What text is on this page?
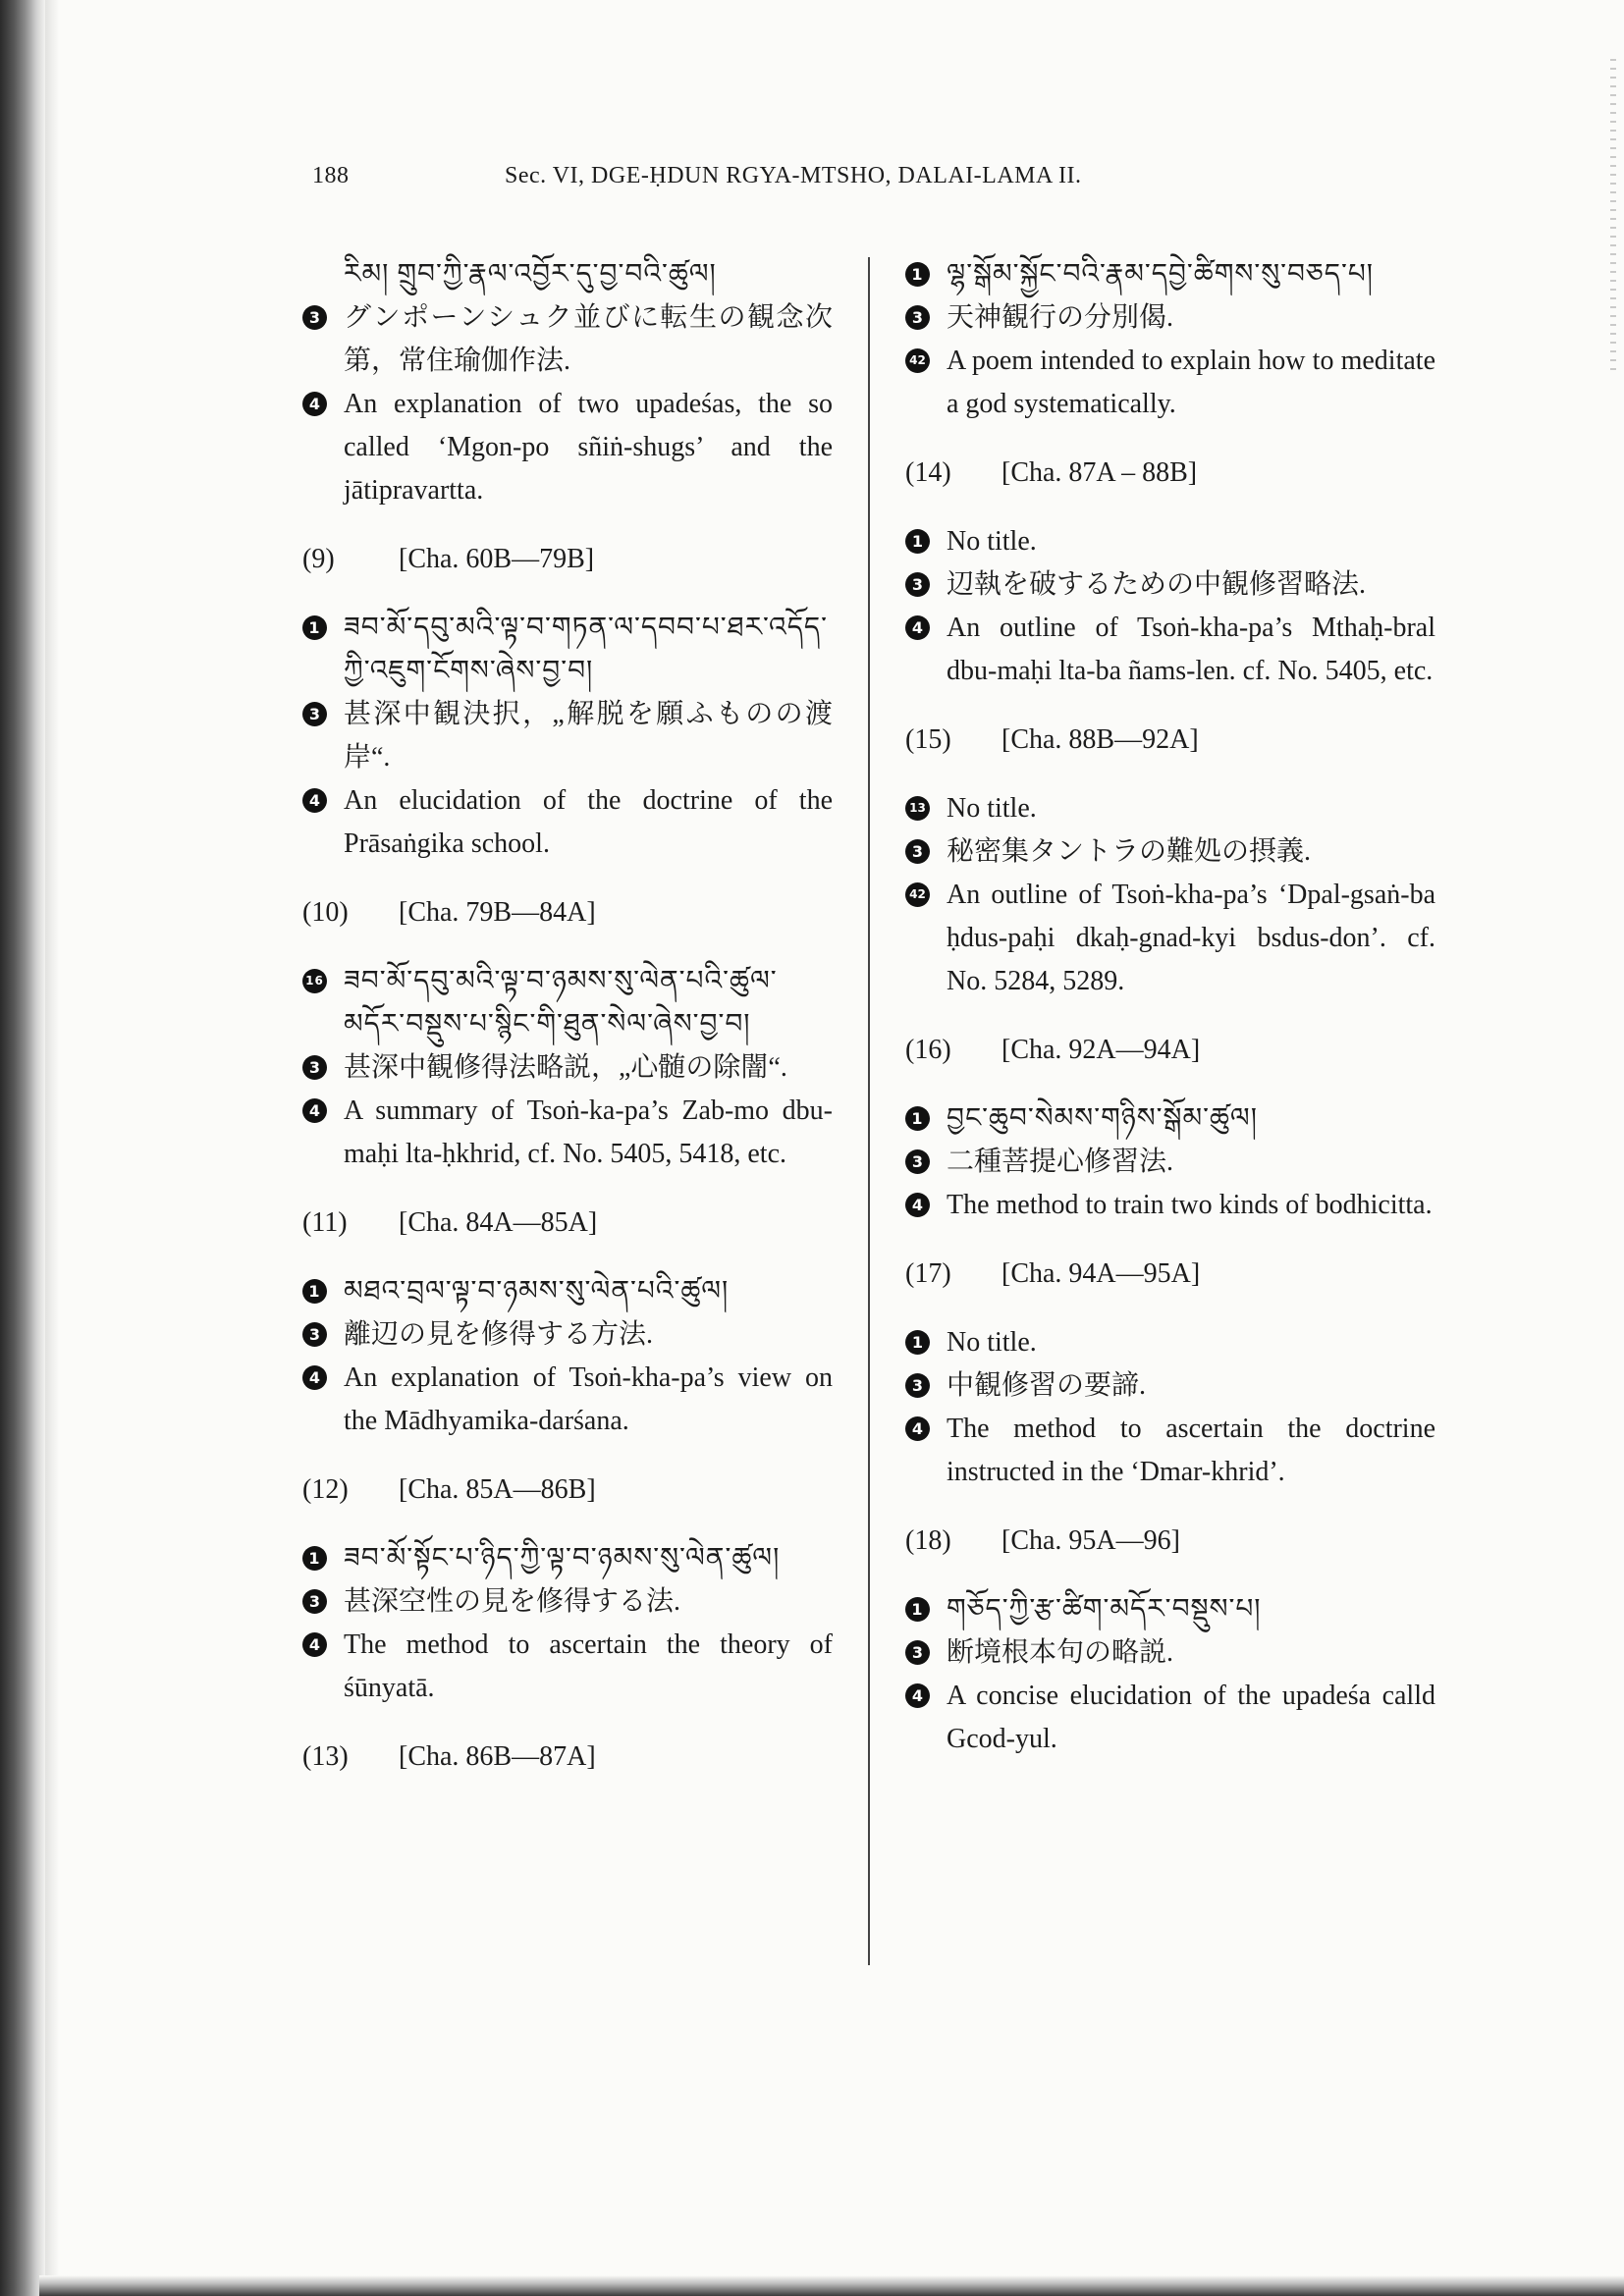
188	Sec. VI, DGE-ḤDUN RGYA-MTSHO, DALAI-LAMA II.
རིམ། གྲུབ་ཀྱི་རྣལ་འབྱོར་དུ་བྱ་བའི་ཚུལ།
3 グンポーンシュク並びに転生の観念次第，常住瑜伽作法.
4 An explanation of two upadeśas, the so called ‘Mgon-po sñiṅ-shugs’ and the jātipravartta.
(9) [Cha. 60B—79B]
1 ཟབ་མོ་དབུ་མའི་ལྟ་བ་གཏན་ལ་དབབ་པ་ཐར་འདོད་ཀྱི་འཇུག་ངོགས་ཞེས་བྱ་བ།
3 甚深中観決択，„解脱を願ふものの渡岸“.
4 An elucidation of the doctrine of the Prāsaṅgika school.
(10) [Cha. 79B—84A]
16 ཟབ་མོ་དབུ་མའི་ལྟ་བ་ཉམས་སུ་ལེན་པའི་ཚུལ་མདོར་བསྡུས་པ་སྙིང་གི་ཐུན་སེལ་ཞེས་བྱ་བ།
3 甚深中観修得法略説，„心髄の除闇“.
4 A summary of Tsoṅ-ka-pa’s Zab-mo dbu-maḥi lta-ḥkhrid, cf. No. 5405, 5418, etc.
(11) [Cha. 84A—85A]
1 མཐའ་བྲལ་ལྟ་བ་ཉམས་སུ་ལེན་པའི་ཚུལ།
3 離辺の見を修得する方法.
4 An explanation of Tsoṅ-kha-pa’s view on the Mādhyamika-darśana.
(12) [Cha. 85A—86B]
1 ཟབ་མོ་སྟོང་པ་ཉིད་ཀྱི་ལྟ་བ་ཉམས་སུ་ལེན་ཚུལ།
3 甚深空性の見を修得する法.
4 The method to ascertain the theory of śūnyatā.
(13) [Cha. 86B—87A]
1 ལྷ་སྒོམ་སྐྱོང་བའི་རྣམ་དབྱེ་ཚིགས་སུ་བཅད་པ།
3 天神観行の分別偈.
42 A poem intended to explain how to meditate a god systematically.
(14) [Cha. 87A – 88B]
1 No title.
3 辺執を破するための中観修習略法.
4 An outline of Tsoṅ-kha-pa’s Mthaḥ-bral dbu-maḥi lta-ba ñams-len. cf. No. 5405, etc.
(15) [Cha. 88B—92A]
13 No title.
3 秘密集タントラの難処の摂義.
42 An outline of Tsoṅ-kha-pa’s ‘Dpal-gsaṅ-ba ḥdus-paḥi dkaḥ-gnad-kyi bsdus-don’. cf. No. 5284, 5289.
(16) [Cha. 92A—94A]
1 བྱང་ཆུབ་སེམས་གཉིས་སྒོམ་ཚུལ།
3 二種菩提心修習法.
4 The method to train two kinds of bodhicitta.
(17) [Cha. 94A—95A]
1 No title.
3 中観修習の要諦.
4 The method to ascertain the doctrine instructed in the ‘Dmar-khrid’.
(18) [Cha. 95A—96]
1 གཅོད་ཀྱི་རྩ་ཚིག་མདོར་བསྡུས་པ།
3 断境根本句の略説.
4 A concise elucidation of the upadeśa calld Gcod-yul.
